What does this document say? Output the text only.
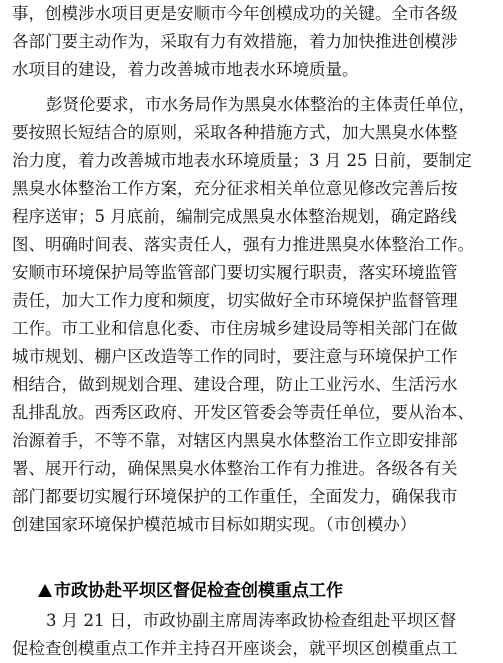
事，创模涉水项目更是安顺市今年创模成功的关键。全市各级
各部门要主动作为，采取有力有效措施，着力加快推进创模涉
水项目的建设，着力改善城市地表水环境质量。
彭贤伦要求，市水务局作为黑臭水体整治的主体责任单位，
要按照长短结合的原则，采取各种措施方式，加大黑臭水体整
治力度，着力改善城市地表水环境质量；3 月 25 日前，要制定
黑臭水体整治工作方案，充分征求相关单位意见修改完善后按
程序送审；5 月底前，编制完成黑臭水体整治规划，确定路线
图、明确时间表、落实责任人，强有力推进黑臭水体整治工作。
安顺市环境保护局等监管部门要切实履行职责，落实环境监管
责任，加大工作力度和频度，切实做好全市环境保护监督管理
工作。市工业和信息化委、市住房城乡建设局等相关部门在做
城市规划、棚户区改造等工作的同时，要注意与环境保护工作
相结合，做到规划合理、建设合理，防止工业污水、生活污水
乱排乱放。西秀区政府、开发区管委会等责任单位，要从治本、
治源着手，不等不靠，对辖区内黑臭水体整治工作立即安排部
署、展开行动，确保黑臭水体整治工作有力推进。各级各有关
部门都要切实履行环境保护的工作重任，全面发力，确保我市
创建国家环境保护模范城市目标如期实现。（市创模办）
市政协赴平坝区督促检查创模重点工作
3 月 21 日，市政协副主席周涛率政协检查组赴平坝区督
促检查创模重点工作并主持召开座谈会，就平坝区创模重点工
